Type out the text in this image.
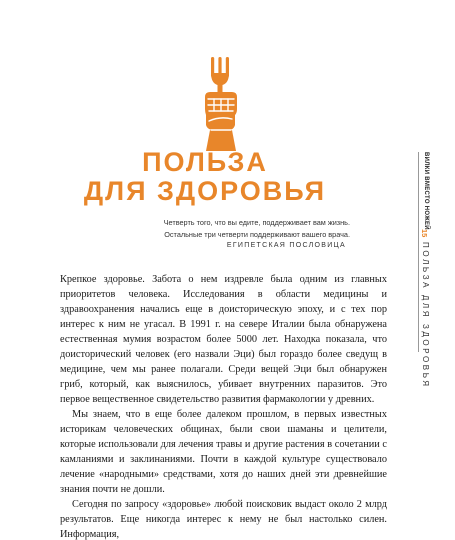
ПОЛЬЗА
ДЛЯ ЗДОРОВЬЯ
Четверть того, что вы едите, поддерживает вам жизнь.
Остальные три четверти поддерживают вашего врача.
ЕГИПЕТСКАЯ ПОСЛОВИЦА
ВИЛКИ ВМЕСТО НОЖЕЙ
15
ПОЛЬЗА ДЛЯ ЗДОРОВЬЯ

Крепкое здоровье. Забота о нем издревле была одним из главных приоритетов человека. Исследования в области медицины и здравоохранения начались еще в доисторическую эпоху, и с тех пор интерес к ним не угасал. В 1991 г. на севере Италии была обнаружена естественная мумия возрастом более 5000 лет. Находка показала, что доисторический человек (его назвали Эци) был гораздо более сведущ в медицине, чем мы ранее полагали. Среди вещей Эци был обнаружен гриб, который, как выяснилось, убивает внутренних паразитов. Это первое вещественное свидетельство развития фармакологии у древних.

Мы знаем, что в еще более далеком прошлом, в первых известных историкам человеческих общинах, были свои шаманы и целители, которые использовали для лечения травы и другие растения в сочетании с камланиями и заклинаниями. Почти в каждой культуре существовало лечение «народными» средствами, хотя до наших дней эти древнейшие знания почти не дошли.

Сегодня по запросу «здоровье» любой поисковик выдаст около 2 млрд результатов. Еще никогда интерес к нему не был настолько силен. Информация,
